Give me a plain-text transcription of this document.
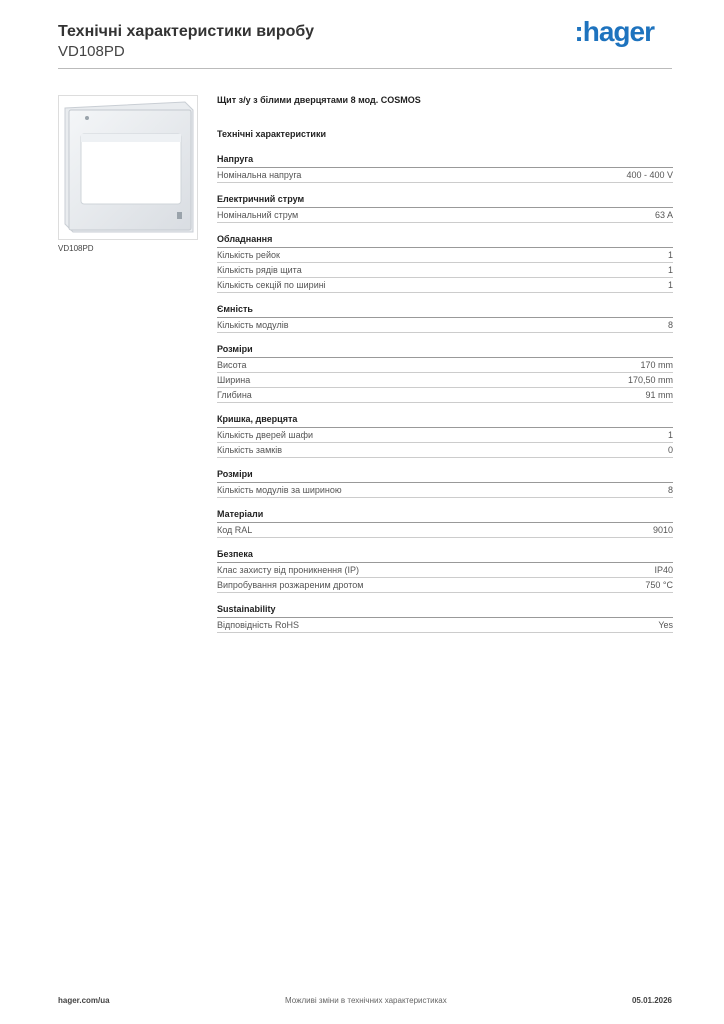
Технічні характеристики виробу
VD108PD
:hager
VD108PD
Щит з/у з білими дверцятами 8 мод. COSMOS
Технічні характеристики
Напруга
Номінальна напруга	400 - 400 V
Електричний струм
Номінальний струм	63 A
Обладнання
Кількість рейок	1
Кількість рядів щита	1
Кількість секцій по ширині	1
Ємність
Кількість модулів	8
Розміри
Висота	170 mm
Ширина	170,50 mm
Глибина	91 mm
Кришка, дверцята
Кількість дверей шафи	1
Кількість замків	0
Розміри
Кількість модулів за шириною	8
Матеріали
Код RAL	9010
Безпека
Клас захисту від проникнення (IP)	IP40
Випробування розжареним дротом	750 °C
Sustainability
Відповідність RoHS	Yes
hager.com/ua	Можливі зміни в технічних характеристиках	05.01.2026
